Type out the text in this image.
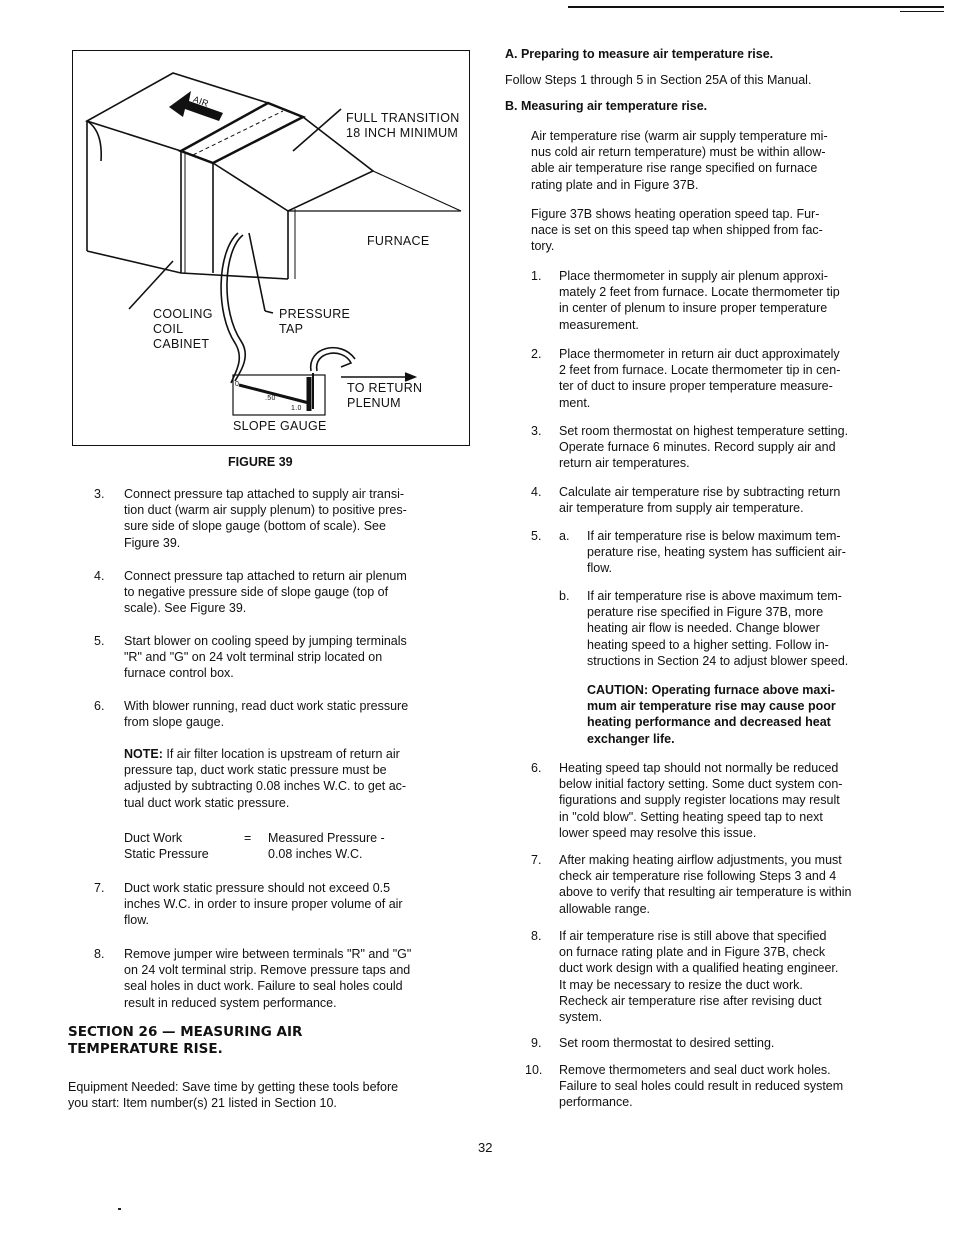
AIR
FLOW	FULL TRANSITION
18 INCH MINIMUM
FURNACE
COOLING
COIL
CABINET
PRESSURE
TAP
TO RETURN
PLENUM
SLOPE GAUGE
0
.50
1.0
FIGURE 39
3. Connect pressure tap attached to supply air transi-
tion duct (warm air supply plenum) to positive pres-
sure side of slope gauge (bottom of scale). See
Figure 39.
4. Connect pressure tap attached to return air plenum
to negative pressure side of slope gauge (top of
scale). See Figure 39.
5. Start blower on cooling speed by jumping terminals
"R" and "G" on 24 volt terminal strip located on
furnace control box.
6. With blower running, read duct work static pressure
from slope gauge.
NOTE: If air filter location is upstream of return air
pressure tap, duct work static pressure must be
adjusted by subtracting 0.08 inches W.C. to get ac-
tual duct work static pressure.
Duct Work
Static Pressure
= Measured Pressure -
0.08 inches W.C.
7. Duct work static pressure should not exceed 0.5
inches W.C. in order to insure proper volume of air
flow.
8. Remove jumper wire between terminals "R" and "G"
on 24 volt terminal strip. Remove pressure taps and
seal holes in duct work. Failure to seal holes could
result in reduced system performance.
SECTION 26 — MEASURING AIR
TEMPERATURE RISE.
Equipment Needed: Save time by getting these tools before
you start: Item number(s) 21 listed in Section 10.
A. Preparing to measure air temperature rise.
Follow Steps 1 through 5 in Section 25A of this Manual.
B. Measuring air temperature rise.
Air temperature rise (warm air supply temperature mi-
nus cold air return temperature) must be within allow-
able air temperature rise range specified on furnace
rating plate and in Figure 37B.
Figure 37B shows heating operation speed tap. Fur-
nace is set on this speed tap when shipped from fac-
tory.
1. Place thermometer in supply air plenum approxi-
mately 2 feet from furnace. Locate thermometer tip
in center of plenum to insure proper temperature
measurement.
2. Place thermometer in return air duct approximately
2 feet from furnace. Locate thermometer tip in cen-
ter of duct to insure proper temperature measure-
ment.
3. Set room thermostat on highest temperature setting.
Operate furnace 6 minutes. Record supply air and
return air temperatures.
4. Calculate air temperature rise by subtracting return
air temperature from supply air temperature.
5. a. If air temperature rise is below maximum tem-
perature rise, heating system has sufficient air-
flow.
b. If air temperature rise is above maximum tem-
perature rise specified in Figure 37B, more
heating air flow is needed. Change blower
heating speed to a higher setting. Follow in-
structions in Section 24 to adjust blower speed.
CAUTION: Operating furnace above maxi-
mum air temperature rise may cause poor
heating performance and decreased heat
exchanger life.
6. Heating speed tap should not normally be reduced
below initial factory setting. Some duct system con-
figurations and supply register locations may result
in "cold blow". Setting heating speed tap to next
lower speed may resolve this issue.
7. After making heating airflow adjustments, you must
check air temperature rise following Steps 3 and 4
above to verify that resulting air temperature is within
allowable range.
8. If air temperature rise is still above that specified
on furnace rating plate and in Figure 37B, check
duct work design with a qualified heating engineer.
It may be necessary to resize the duct work.
Recheck air temperature rise after revising duct
system.
9. Set room thermostat to desired setting.
10. Remove thermometers and seal duct work holes.
Failure to seal holes could result in reduced system
performance.
32
